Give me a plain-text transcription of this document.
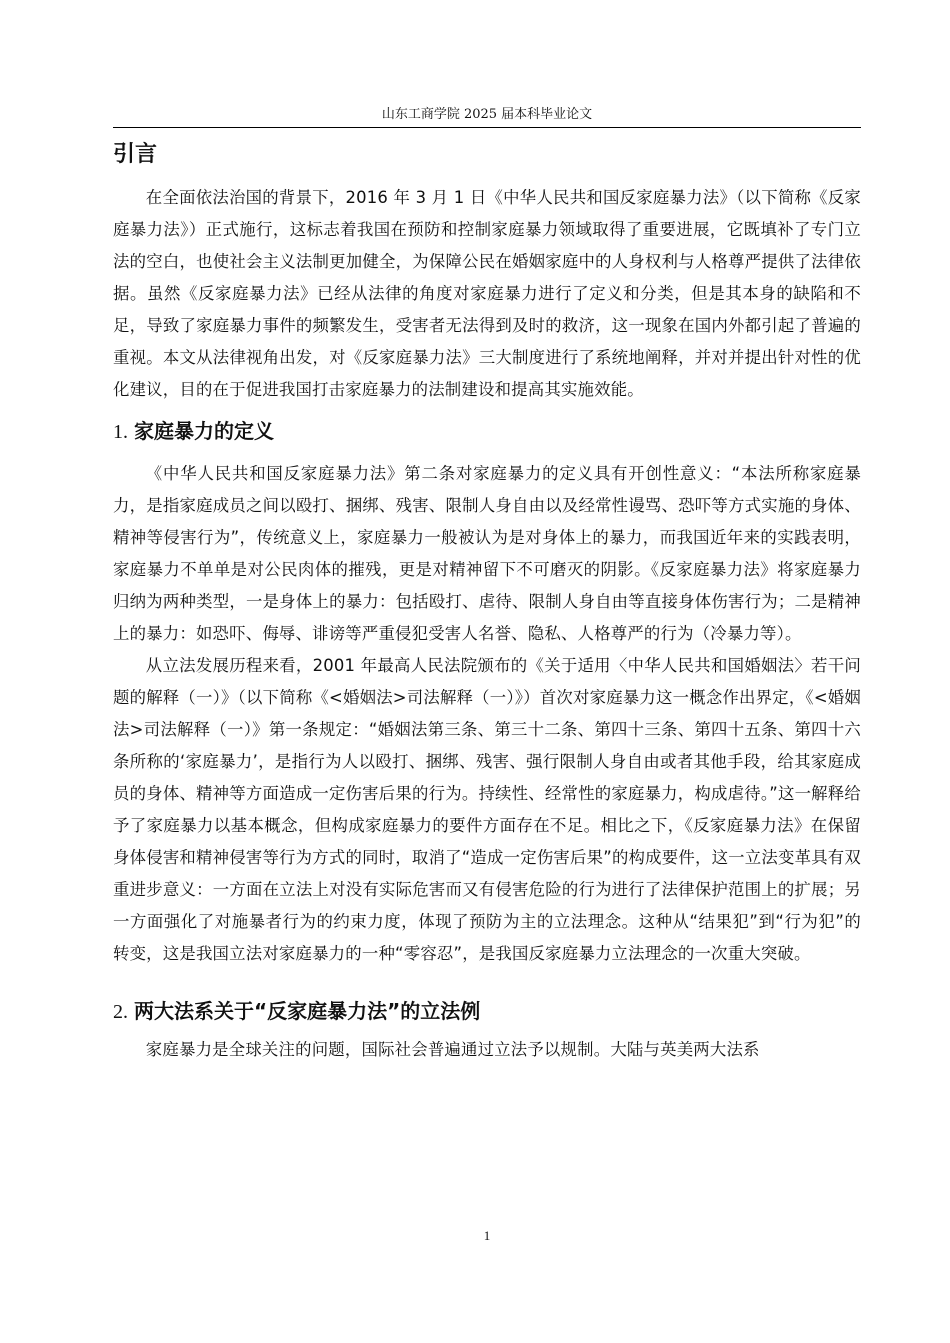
山东工商学院 2025 届本科毕业论文
引言

在全面依法治国的背景下，2016 年 3 月 1 日《中华人民共和国反家庭暴力法》（以下简称《反家庭暴力法》）正式施行，这标志着我国在预防和控制家庭暴力领域取得了重要进展，它既填补了专门立法的空白，也使社会主义法制更加健全，为保障公民在婚姻家庭中的人身权利与人格尊严提供了法律依据。虽然《反家庭暴力法》已经从法律的角度对家庭暴力进行了定义和分类，但是其本身的缺陷和不足，导致了家庭暴力事件的频繁发生，受害者无法得到及时的救济，这一现象在国内外都引起了普遍的重视。本文从法律视角出发，对《反家庭暴力法》三大制度进行了系统地阐释，并对并提出针对性的优化建议，目的在于促进我国打击家庭暴力的法制建设和提高其实施效能。

1. 家庭暴力的定义

《中华人民共和国反家庭暴力法》第二条对家庭暴力的定义具有开创性意义：“本法所称家庭暴力，是指家庭成员之间以殴打、捆绑、残害、限制人身自由以及经常性谩骂、恐吓等方式实施的身体、精神等侵害行为”，传统意义上，家庭暴力一般被认为是对身体上的暴力，而我国近年来的实践表明，家庭暴力不单单是对公民肉体的摧残，更是对精神留下不可磨灭的阴影。《反家庭暴力法》将家庭暴力归纳为两种类型，一是身体上的暴力：包括殴打、虐待、限制人身自由等直接身体伤害行为；二是精神上的暴力：如恐吓、侮辱、诽谤等严重侵犯受害人名誉、隐私、人格尊严的行为（冷暴力等）。

从立法发展历程来看，2001 年最高人民法院颁布的《关于适用〈中华人民共和国婚姻法〉若干问题的解释（一）》（以下简称《<婚姻法>司法解释（一）》）首次对家庭暴力这一概念作出界定，《<婚姻法>司法解释（一）》第一条规定：“婚姻法第三条、第三十二条、第四十三条、第四十五条、第四十六条所称的‘家庭暴力’，是指行为人以殴打、捆绑、残害、强行限制人身自由或者其他手段，给其家庭成员的身体、精神等方面造成一定伤害后果的行为。持续性、经常性的家庭暴力，构成虐待。”这一解释给予了家庭暴力以基本概念，但构成家庭暴力的要件方面存在不足。相比之下，《反家庭暴力法》在保留身体侵害和精神侵害等行为方式的同时，取消了“造成一定伤害后果”的构成要件，这一立法变革具有双重进步意义：一方面在立法上对没有实际危害而又有侵害危险的行为进行了法律保护范围上的扩展；另一方面强化了对施暴者行为的约束力度，体现了预防为主的立法理念。这种从“结果犯”到“行为犯”的转变，这是我国立法对家庭暴力的一种“零容忍”，是我国反家庭暴力立法理念的一次重大突破。

2. 两大法系关于“反家庭暴力法”的立法例

家庭暴力是全球关注的问题，国际社会普遍通过立法予以规制。大陆与英美两大法系

1
